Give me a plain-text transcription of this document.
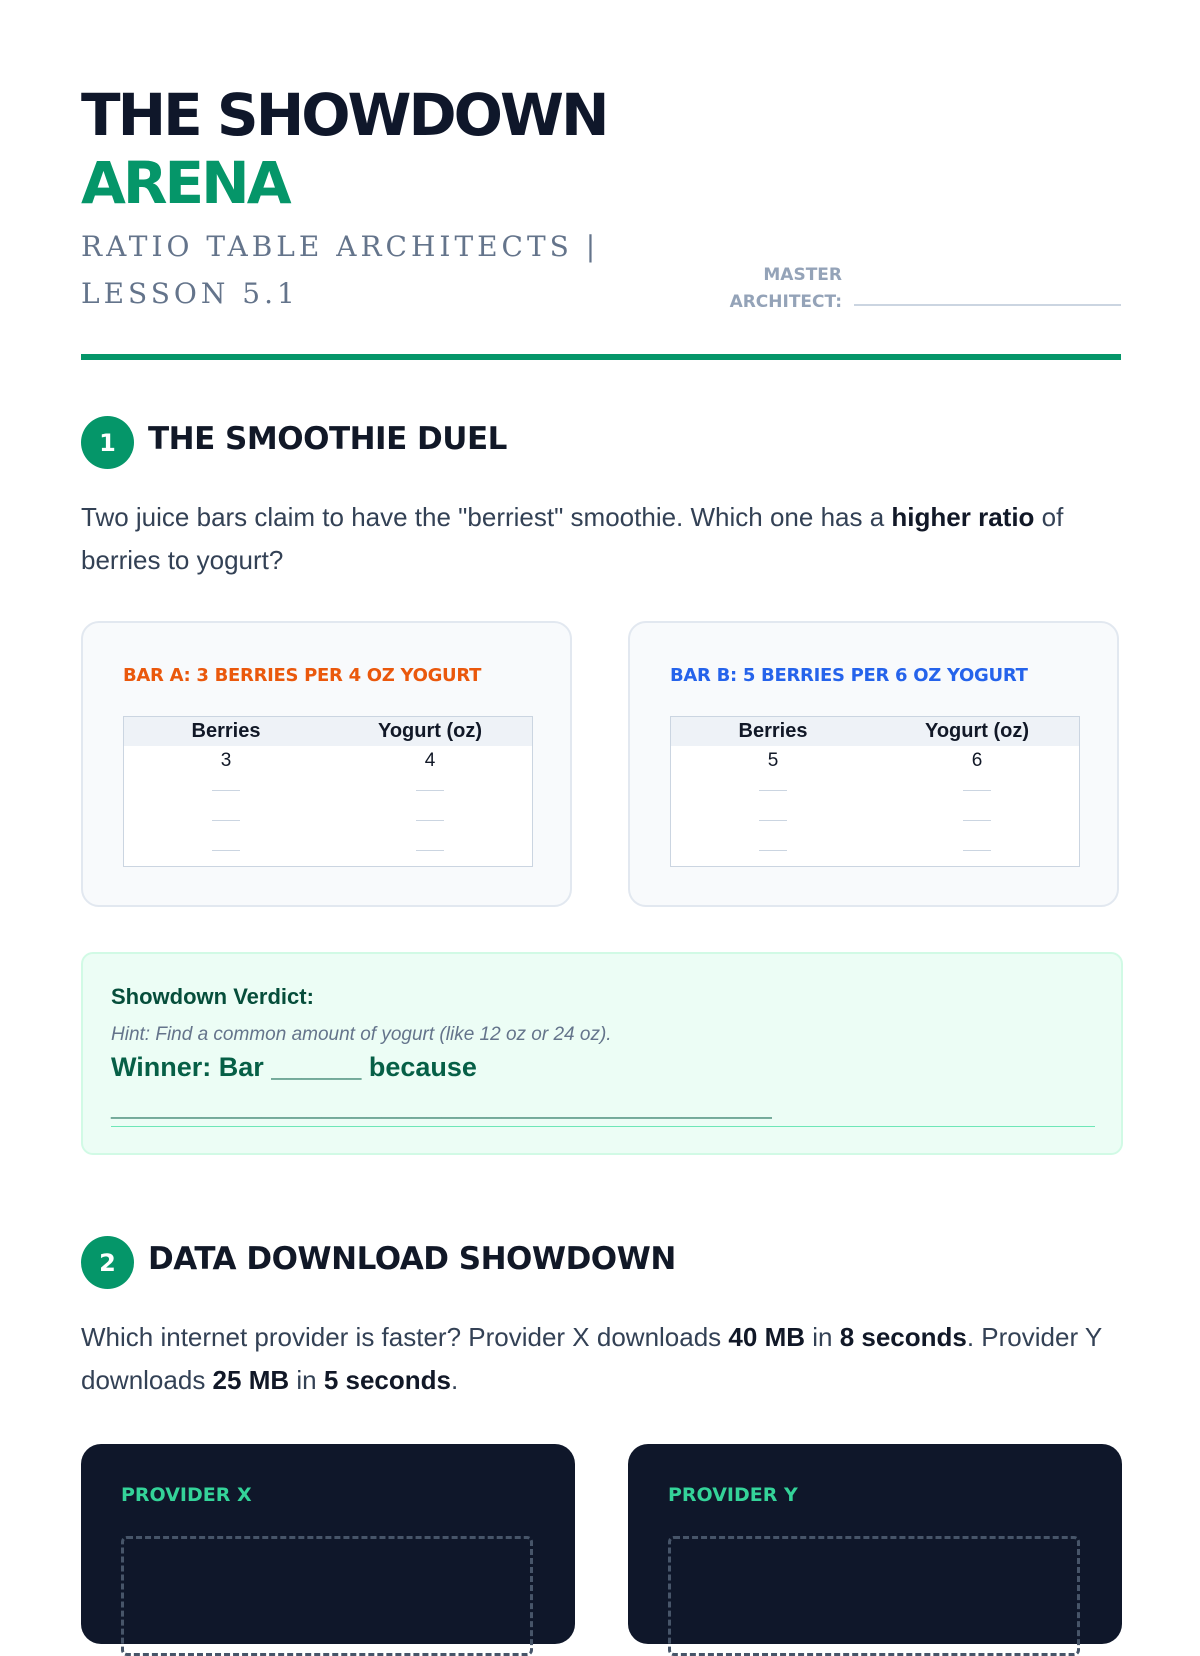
THE SHOWDOWN
ARENA

RATIO TABLE ARCHITECTS | LESSON 5.1

MASTER ARCHITECT:
1	THE SMOOTHIE DUEL

Two juice bars claim to have the "berriest" smoothie. Which one has a higher ratio of berries to yogurt?

BAR A: 3 BERRIES PER 4 OZ YOGURT
Berries	Yogurt (oz)
3	4

BAR B: 5 BERRIES PER 6 OZ YOGURT
Berries	Yogurt (oz)
5	6

Showdown Verdict:

Hint: Find a common amount of yogurt (like 12 oz or 24 oz).

Winner: Bar ______ because

____________________________________________

2	DATA DOWNLOAD SHOWDOWN

Which internet provider is faster? Provider X downloads 40 MB in 8 seconds. Provider Y downloads 25 MB in 5 seconds.

PROVIDER X	PROVIDER Y
